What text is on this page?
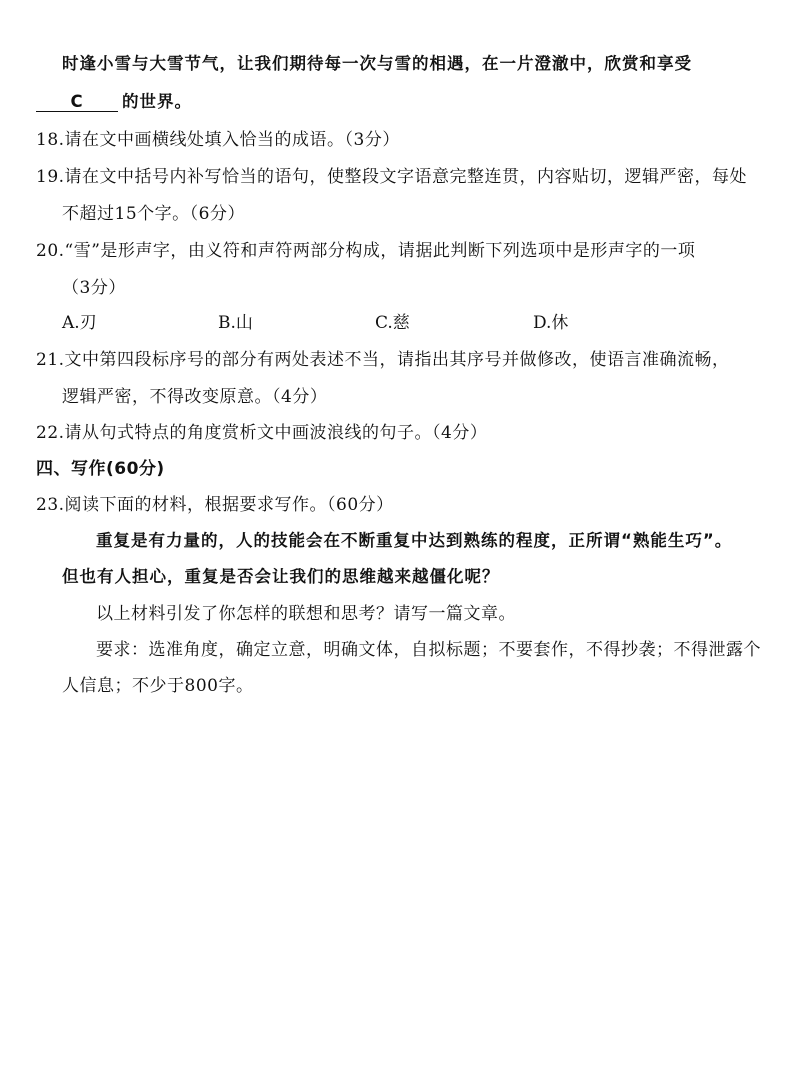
时逢小雪与大雪节气，让我们期待每一次与雪的相遇，在一片澄澈中，欣赏和享受
C 的世界。
18.请在文中画横线处填入恰当的成语。（3分）
19.请在文中括号内补写恰当的语句，使整段文字语意完整连贯，内容贴切，逻辑严密，每处
不超过15个字。（6分）
20.“雪”是形声字，由义符和声符两部分构成，请据此判断下列选项中是形声字的一项
（3分）
A.刃	B.山	C.慈	D.休
21.文中第四段标序号的部分有两处表述不当，请指出其序号并做修改，使语言准确流畅，
逻辑严密，不得改变原意。（4分）
22.请从句式特点的角度赏析文中画波浪线的句子。（4分）
四、写作(60分)
23.阅读下面的材料，根据要求写作。（60分）
重复是有力量的，人的技能会在不断重复中达到熟练的程度，正所谓“熟能生巧”。
但也有人担心，重复是否会让我们的思维越来越僵化呢？
以上材料引发了你怎样的联想和思考？请写一篇文章。
要求：选准角度，确定立意，明确文体，自拟标题；不要套作，不得抄袭；不得泄露个
人信息；不少于800字。
